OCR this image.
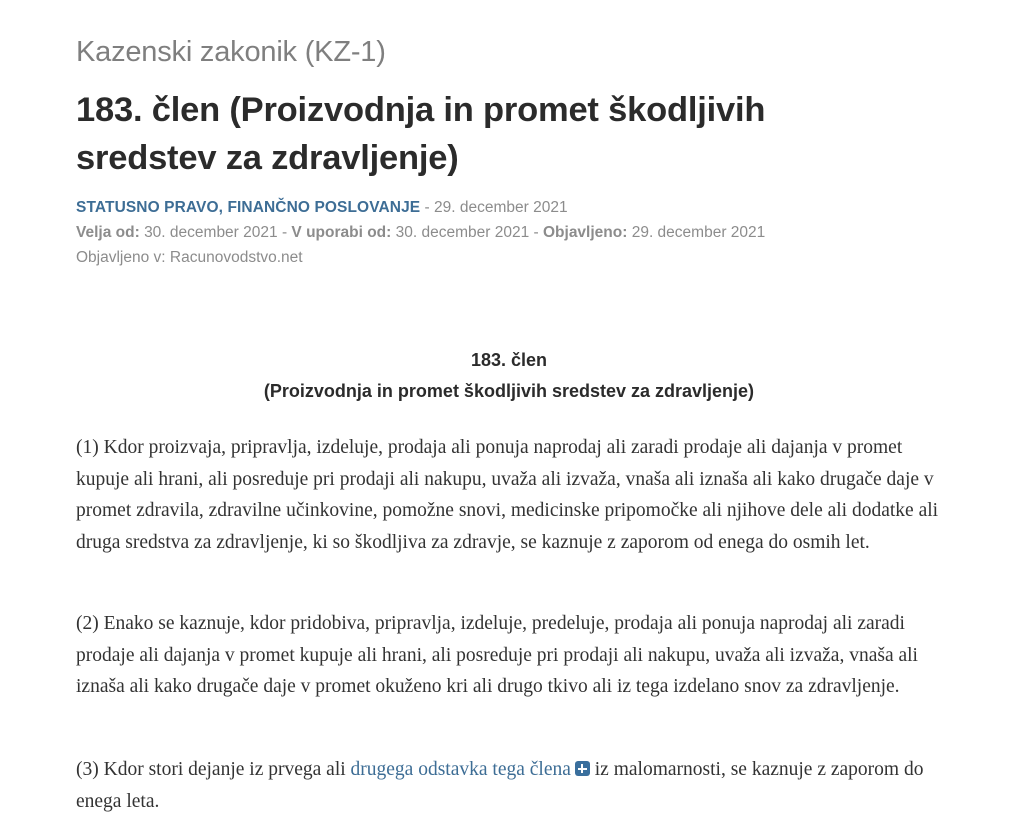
Kazenski zakonik (KZ-1)
183. člen (Proizvodnja in promet škodljivih sredstev za zdravljenje)
STATUSNO PRAVO, FINANČNO POSLOVANJE - 29. december 2021
Velja od: 30. december 2021 - V uporabi od: 30. december 2021 - Objavljeno: 29. december 2021
Objavljeno v: Racunovodstvo.net
183. člen
(Proizvodnja in promet škodljivih sredstev za zdravljenje)

(1) Kdor proizvaja, pripravlja, izdeluje, prodaja ali ponuja naprodaj ali zaradi prodaje ali dajanja v promet kupuje ali hrani, ali posreduje pri prodaji ali nakupu, uvaža ali izvaža, vnaša ali iznaša ali kako drugače daje v promet zdravila, zdravilne učinkovine, pomožne snovi, medicinske pripomočke ali njihove dele ali dodatke ali druga sredstva za zdravljenje, ki so škodljiva za zdravje, se kaznuje z zaporom od enega do osmih let.

(2) Enako se kaznuje, kdor pridobiva, pripravlja, izdeluje, predeluje, prodaja ali ponuja naprodaj ali zaradi prodaje ali dajanja v promet kupuje ali hrani, ali posreduje pri prodaji ali nakupu, uvaža ali izvaža, vnaša ali iznaša ali kako drugače daje v promet okuženo kri ali drugo tkivo ali iz tega izdelano snov za zdravljenje.

(3) Kdor stori dejanje iz prvega ali drugega odstavka tega člena iz malomarnosti, se kaznuje z zaporom do enega leta.
